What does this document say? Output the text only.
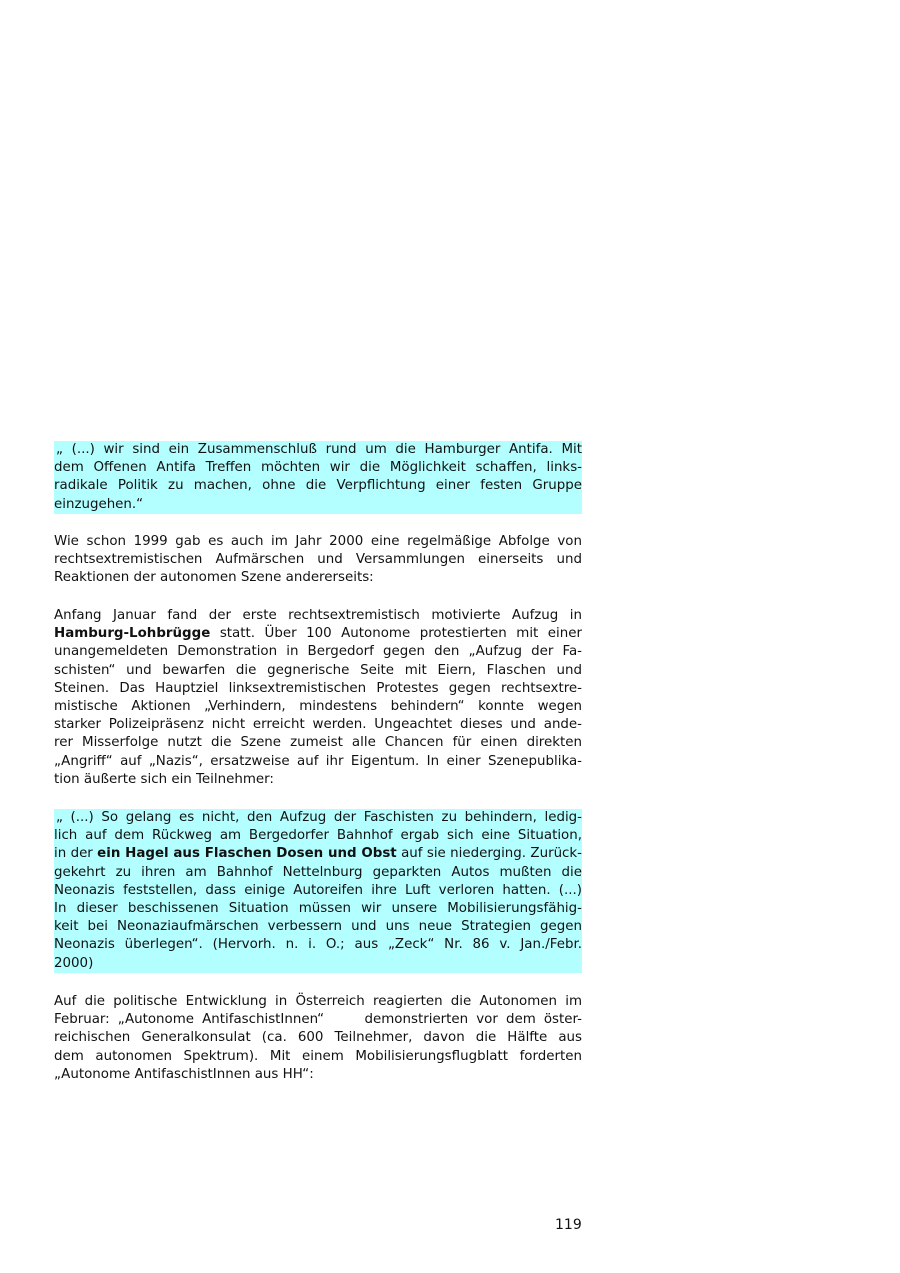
„ (...) wir sind ein Zusammenschluß rund um die Hamburger Antifa. Mit
dem Offenen Antifa Treffen möchten wir die Möglichkeit schaffen, links-
radikale Politik zu machen, ohne die Verpflichtung einer festen Gruppe
einzugehen.“
Wie schon 1999 gab es auch im Jahr 2000 eine regelmäßige Abfolge von
rechtsextremistischen Aufmärschen und Versammlungen einerseits und
Reaktionen der autonomen Szene andererseits:
Anfang Januar fand der erste rechtsextremistisch motivierte Aufzug in
Hamburg-Lohbrügge statt. Über 100 Autonome protestierten mit einer
unangemeldeten Demonstration in Bergedorf gegen den „Aufzug der Fa-
schisten“ und bewarfen die gegnerische Seite mit Eiern, Flaschen und
Steinen. Das Hauptziel linksextremistischen Protestes gegen rechtsextre-
mistische Aktionen „Verhindern, mindestens behindern“ konnte wegen
starker Polizeipräsenz nicht erreicht werden. Ungeachtet dieses und ande-
rer Misserfolge nutzt die Szene zumeist alle Chancen für einen direkten
„Angriff“ auf „Nazis“, ersatzweise auf ihr Eigentum. In einer Szenepublika-
tion äußerte sich ein Teilnehmer:
„ (...) So gelang es nicht, den Aufzug der Faschisten zu behindern, ledig-
lich auf dem Rückweg am Bergedorfer Bahnhof ergab sich eine Situation,
in der ein Hagel aus Flaschen Dosen und Obst auf sie niederging. Zurück-
gekehrt zu ihren am Bahnhof Nettelnburg geparkten Autos mußten die
Neonazis feststellen, dass einige Autoreifen ihre Luft verloren hatten. (...)
In dieser beschissenen Situation müssen wir unsere Mobilisierungsfähig-
keit bei Neonaziaufmärschen verbessern und uns neue Strategien gegen
Neonazis überlegen“. (Hervorh. n. i. O.; aus „Zeck“ Nr. 86 v. Jan./Febr.
2000)
Auf die politische Entwicklung in Österreich reagierten die Autonomen im
Februar: „Autonome AntifaschistInnen“     demonstrierten vor dem öster-
reichischen Generalkonsulat (ca. 600 Teilnehmer, davon die Hälfte aus
dem autonomen Spektrum). Mit einem Mobilisierungsflugblatt forderten
„Autonome AntifaschistInnen aus HH“:
119
